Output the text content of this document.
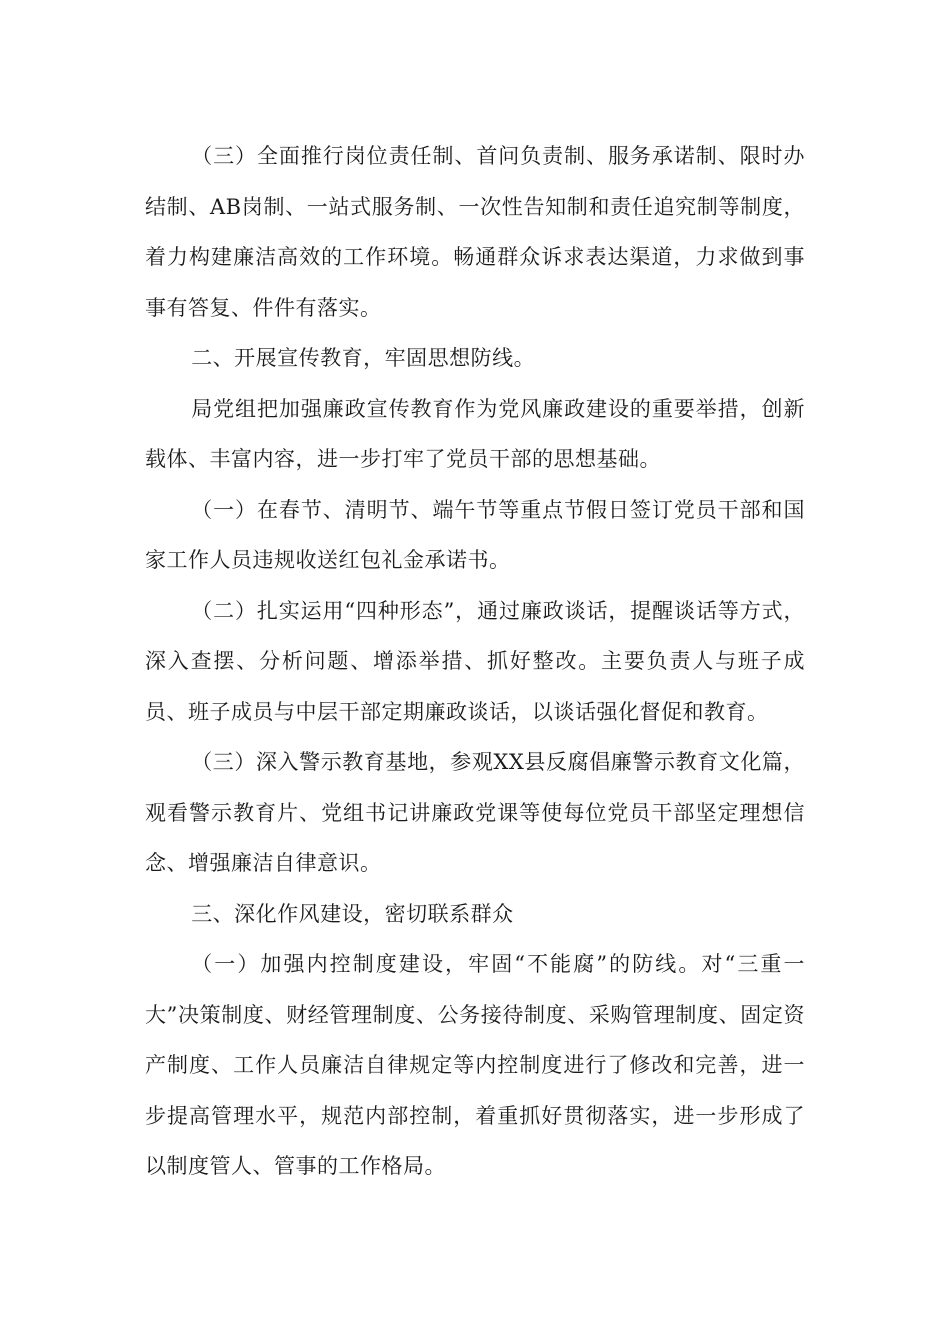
（三）全面推行岗位责任制、首问负责制、服务承诺制、限时办结制、AB岗制、一站式服务制、一次性告知制和责任追究制等制度，着力构建廉洁高效的工作环境。畅通群众诉求表达渠道，力求做到事事有答复、件件有落实。

二、开展宣传教育，牢固思想防线。

局党组把加强廉政宣传教育作为党风廉政建设的重要举措，创新载体、丰富内容，进一步打牢了党员干部的思想基础。

（一）在春节、清明节、端午节等重点节假日签订党员干部和国家工作人员违规收送红包礼金承诺书。

（二）扎实运用“四种形态”，通过廉政谈话，提醒谈话等方式，深入查摆、分析问题、增添举措、抓好整改。主要负责人与班子成员、班子成员与中层干部定期廉政谈话，以谈话强化督促和教育。

（三）深入警示教育基地，参观XX县反腐倡廉警示教育文化篇，观看警示教育片、党组书记讲廉政党课等使每位党员干部坚定理想信念、增强廉洁自律意识。

三、深化作风建设，密切联系群众

（一）加强内控制度建设，牢固“不能腐”的防线。对“三重一大”决策制度、财经管理制度、公务接待制度、采购管理制度、固定资产制度、工作人员廉洁自律规定等内控制度进行了修改和完善，进一步提高管理水平，规范内部控制，着重抓好贯彻落实，进一步形成了以制度管人、管事的工作格局。
